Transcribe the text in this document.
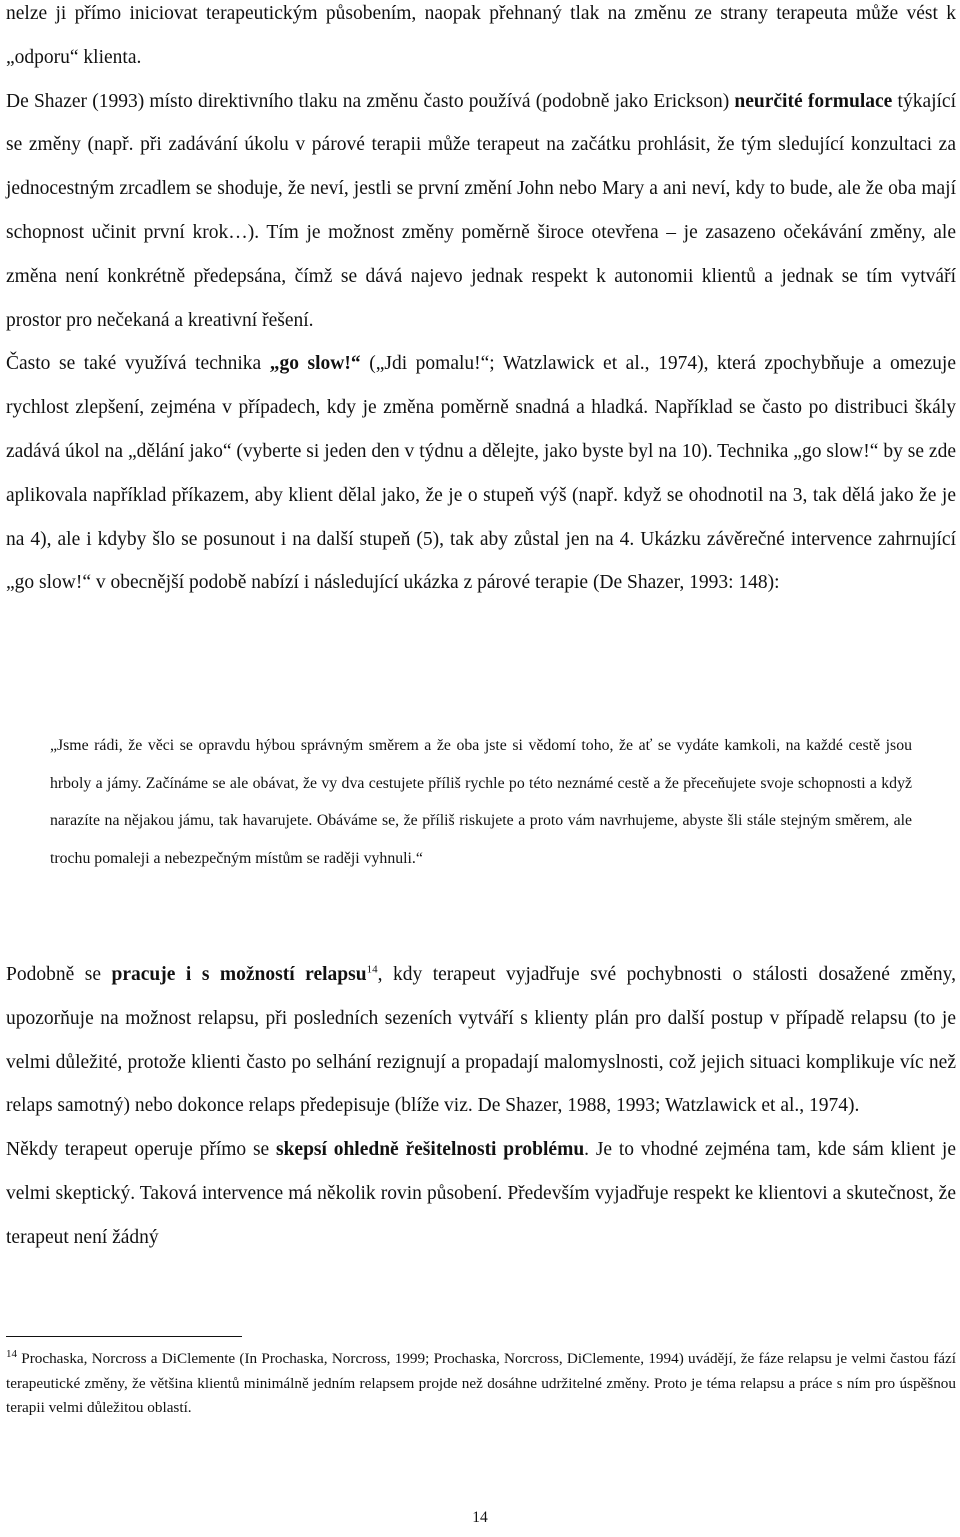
nelze ji přímo iniciovat terapeutickým působením, naopak přehnaný tlak na změnu ze strany terapeuta může vést k „odporu“ klienta.
De Shazer (1993) místo direktivního tlaku na změnu často používá (podobně jako Erickson) neurčité formulace týkající se změny (např. při zadávání úkolu v párové terapii může terapeut na začátku prohlásit, že tým sledující konzultaci za jednocestným zrcadlem se shoduje, že neví, jestli se první změní John nebo Mary a ani neví, kdy to bude, ale že oba mají schopnost učinit první krok…). Tím je možnost změny poměrně široce otevřena – je zasazeno očekávání změny, ale změna není konkrétně předepsána, čímž se dává najevo jednak respekt k autonomii klientů a jednak se tím vytváří prostor pro nečekaná a kreativní řešení.
Často se také využívá technika „go slow!“ („Jdi pomalu!“; Watzlawick et al., 1974), která zpochybňuje a omezuje rychlost zlepšení, zejména v případech, kdy je změna poměrně snadná a hladká. Například se často po distribuci škály zadává úkol na „dělání jako“ (vyberte si jeden den v týdnu a dělejte, jako byste byl na 10). Technika „go slow!“ by se zde aplikovala například příkazem, aby klient dělal jako, že je o stupeň výš (např. když se ohodnotil na 3, tak dělá jako že je na 4), ale i kdyby šlo se posunout i na další stupeň (5), tak aby zůstal jen na 4. Ukázku závěrečné intervence zahrnující „go slow!“ v obecnější podobě nabízí i následující ukázka z párové terapie (De Shazer, 1993: 148):

„Jsme rádi, že věci se opravdu hýbou správným směrem a že oba jste si vědomí toho, že ať se vydáte kamkoli, na každé cestě jsou hrboly a jámy. Začínáme se ale obávat, že vy dva cestujete příliš rychle po této neznámé cestě a že přeceňujete svoje schopnosti a když narazíte na nějakou jámu, tak havarujete. Obáváme se, že příliš riskujete a proto vám navrhujeme, abyste šli stále stejným směrem, ale trochu pomaleji a nebezpečným místům se raději vyhnuli.“

Podobně se pracuje i s možností relapsu$^{14}$, kdy terapeut vyjadřuje své pochybnosti o stálosti dosažené změny, upozorňuje na možnost relapsu, při posledních sezeních vytváří s klienty plán pro další postup v případě relapsu (to je velmi důležité, protože klienti často po selhání rezignují a propadají malomyslnosti, což jejich situaci komplikuje víc než relaps samotný) nebo dokonce relaps předepisuje (blíže viz. De Shazer, 1988, 1993; Watzlawick et al., 1974).
Někdy terapeut operuje přímo se skepsí ohledně řešitelnosti problému. Je to vhodné zejména tam, kde sám klient je velmi skeptický. Taková intervence má několik rovin působení. Především vyjadřuje respekt ke klientovi a skutečnost, že terapeut není žádný

$^{14}$ Prochaska, Norcross a DiClemente (In Prochaska, Norcross, 1999; Prochaska, Norcross, DiClemente, 1994) uvádějí, že fáze relapsu je velmi častou fází terapeutické změny, že většina klientů minimálně jedním relapsem projde než dosáhne udržitelné změny. Proto je téma relapsu a práce s ním pro úspěšnou terapii velmi důležitou oblastí.

14
